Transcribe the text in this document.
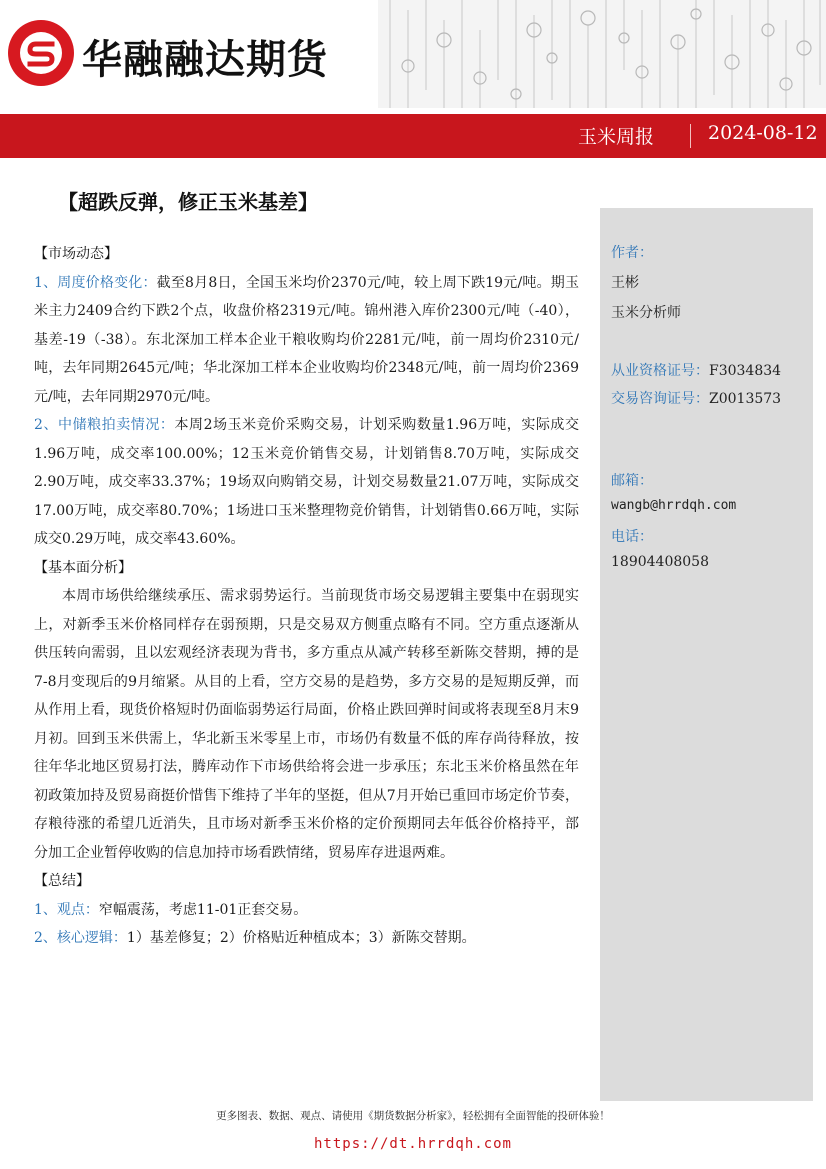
华融融达期货
玉米周报	2024-08-12
【超跌反弹，修正玉米基差】
作者：
王彬
玉米分析师
从业资格证号：F3034834
交易咨询证号：Z0013573
邮箱：
wangb@hrrdqh.com
电话：
18904408058
【市场动态】

1、周度价格变化：截至8月8日，全国玉米均价2370元/吨，较上周下跌19元/吨。期玉米主力2409合约下跌2个点，收盘价格2319元/吨。锦州港入库价2300元/吨（-40），基差-19（-38）。东北深加工样本企业干粮收购均价2281元/吨，前一周均价2310元/吨，去年同期2645元/吨；华北深加工样本企业收购均价2348元/吨，前一周均价2369元/吨，去年同期2970元/吨。

2、中储粮拍卖情况：本周2场玉米竞价采购交易，计划采购数量1.96万吨，实际成交1.96万吨，成交率100.00%；12玉米竞价销售交易，计划销售8.70万吨，实际成交2.90万吨，成交率33.37%；19场双向购销交易，计划交易数量21.07万吨，实际成交17.00万吨，成交率80.70%；1场进口玉米整理物竞价销售，计划销售0.66万吨，实际成交0.29万吨，成交率43.60%。

【基本面分析】

本周市场供给继续承压、需求弱势运行。当前现货市场交易逻辑主要集中在弱现实上，对新季玉米价格同样存在弱预期，只是交易双方侧重点略有不同。空方重点逐渐从供压转向需弱，且以宏观经济表现为背书，多方重点从减产转移至新陈交替期，搏的是7-8月变现后的9月缩紧。从目的上看，空方交易的是趋势，多方交易的是短期反弹，而从作用上看，现货价格短时仍面临弱势运行局面，价格止跌回弹时间或将表现至8月末9月初。回到玉米供需上，华北新玉米零星上市，市场仍有数量不低的库存尚待释放，按往年华北地区贸易打法，腾库动作下市场供给将会进一步承压；东北玉米价格虽然在年初政策加持及贸易商挺价惜售下维持了半年的坚挺，但从7月开始已重回市场定价节奏，存粮待涨的希望几近消失，且市场对新季玉米价格的定价预期同去年低谷价格持平，部分加工企业暂停收购的信息加持市场看跌情绪，贸易库存进退两难。

【总结】

1、观点：窄幅震荡，考虑11-01正套交易。

2、核心逻辑：1）基差修复；2）价格贴近种植成本；3）新陈交替期。

更多图表、数据、观点、请使用《期货数据分析家》，轻松拥有全面智能的投研体验！
https://dt.hrrdqh.com
